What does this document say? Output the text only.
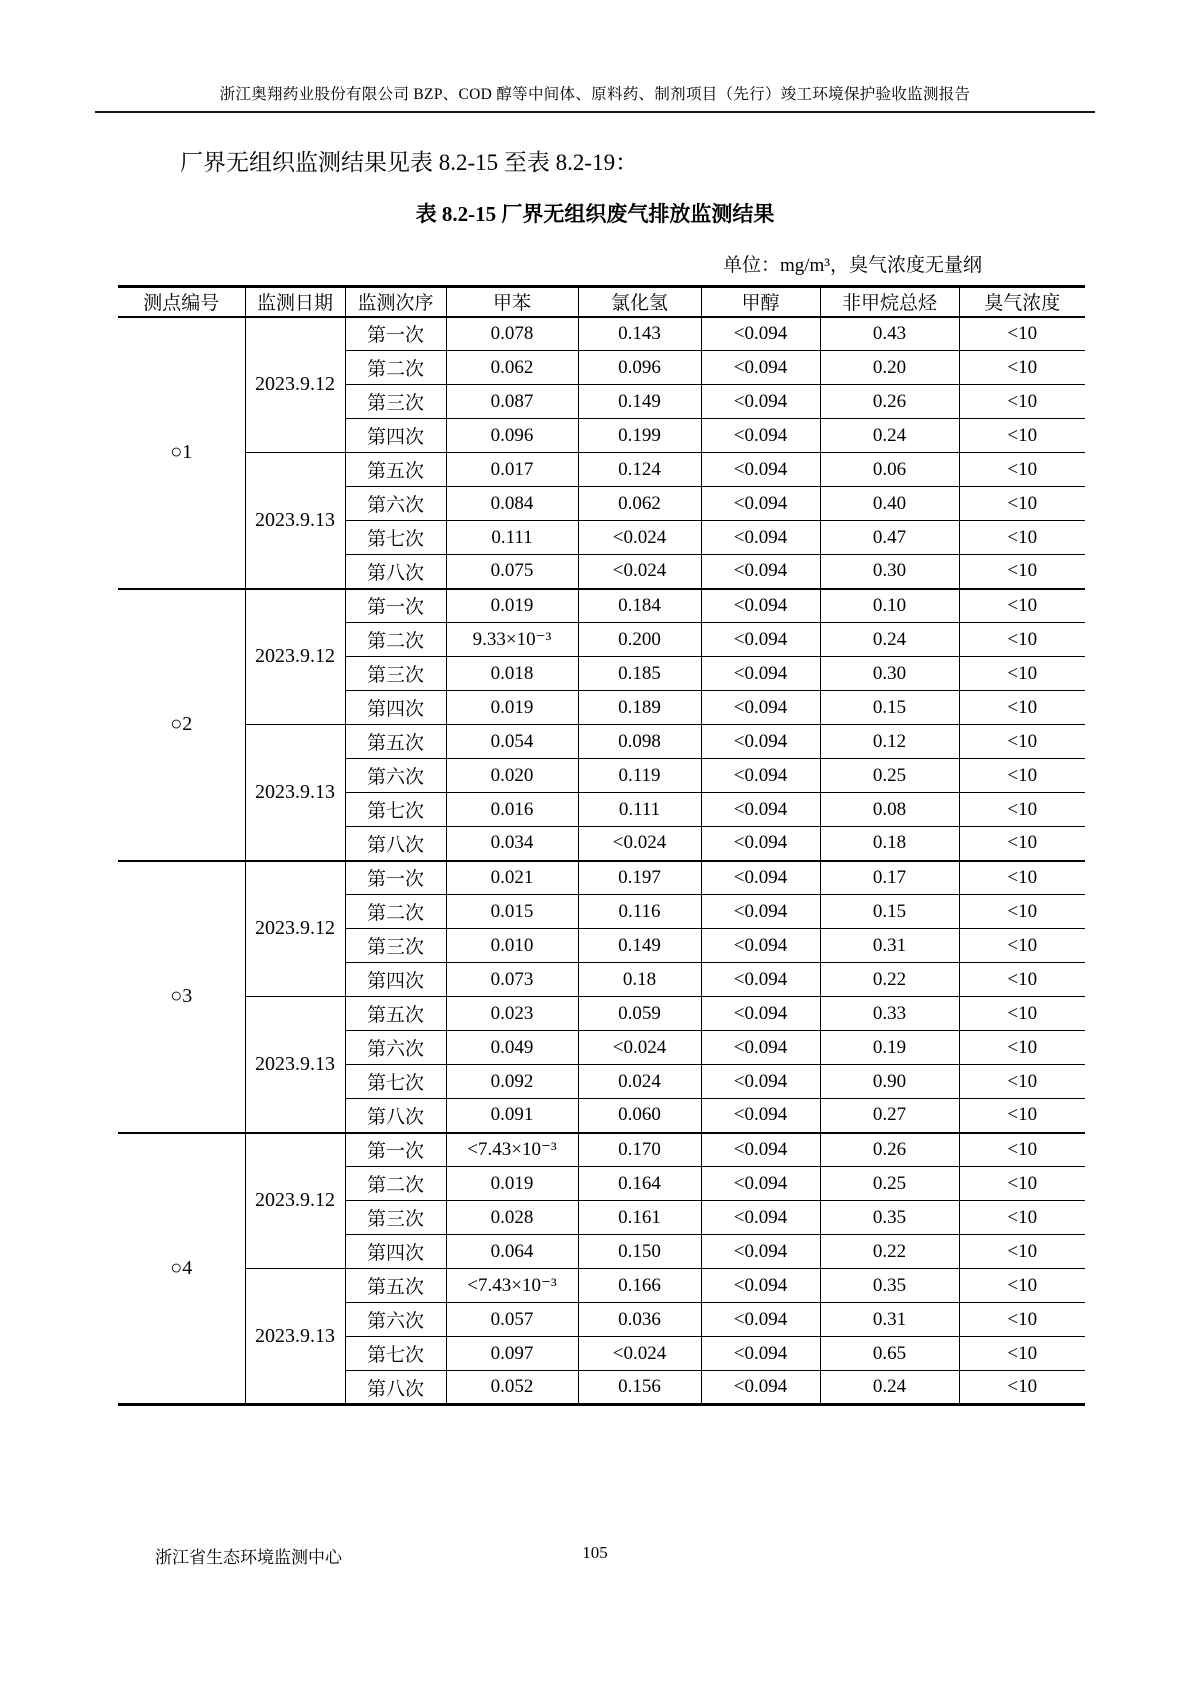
浙江奥翔药业股份有限公司 BZP、COD 醇等中间体、原料药、制剂项目（先行）竣工环境保护验收监测报告
厂界无组织监测结果见表 8.2-15 至表 8.2-19：
表 8.2-15 厂界无组织废气排放监测结果
单位：mg/m³，臭气浓度无量纲
测点编号	监测日期	监测次序	甲苯	氯化氢	甲醇	非甲烷总烃	臭气浓度
○1	2023.9.12	第一次	0.078	0.143	<0.094	0.43	<10
		第二次	0.062	0.096	<0.094	0.20	<10
		第三次	0.087	0.149	<0.094	0.26	<10
		第四次	0.096	0.199	<0.094	0.24	<10
	2023.9.13	第五次	0.017	0.124	<0.094	0.06	<10
		第六次	0.084	0.062	<0.094	0.40	<10
		第七次	0.111	<0.024	<0.094	0.47	<10
		第八次	0.075	<0.024	<0.094	0.30	<10
○2	2023.9.12	第一次	0.019	0.184	<0.094	0.10	<10
		第二次	9.33×10⁻³	0.200	<0.094	0.24	<10
		第三次	0.018	0.185	<0.094	0.30	<10
		第四次	0.019	0.189	<0.094	0.15	<10
	2023.9.13	第五次	0.054	0.098	<0.094	0.12	<10
		第六次	0.020	0.119	<0.094	0.25	<10
		第七次	0.016	0.111	<0.094	0.08	<10
		第八次	0.034	<0.024	<0.094	0.18	<10
○3	2023.9.12	第一次	0.021	0.197	<0.094	0.17	<10
		第二次	0.015	0.116	<0.094	0.15	<10
		第三次	0.010	0.149	<0.094	0.31	<10
		第四次	0.073	0.18	<0.094	0.22	<10
	2023.9.13	第五次	0.023	0.059	<0.094	0.33	<10
		第六次	0.049	<0.024	<0.094	0.19	<10
		第七次	0.092	0.024	<0.094	0.90	<10
		第八次	0.091	0.060	<0.094	0.27	<10
○4	2023.9.12	第一次	<7.43×10⁻³	0.170	<0.094	0.26	<10
		第二次	0.019	0.164	<0.094	0.25	<10
		第三次	0.028	0.161	<0.094	0.35	<10
		第四次	0.064	0.150	<0.094	0.22	<10
	2023.9.13	第五次	<7.43×10⁻³	0.166	<0.094	0.35	<10
		第六次	0.057	0.036	<0.094	0.31	<10
		第七次	0.097	<0.024	<0.094	0.65	<10
		第八次	0.052	0.156	<0.094	0.24	<10
浙江省生态环境监测中心	105
